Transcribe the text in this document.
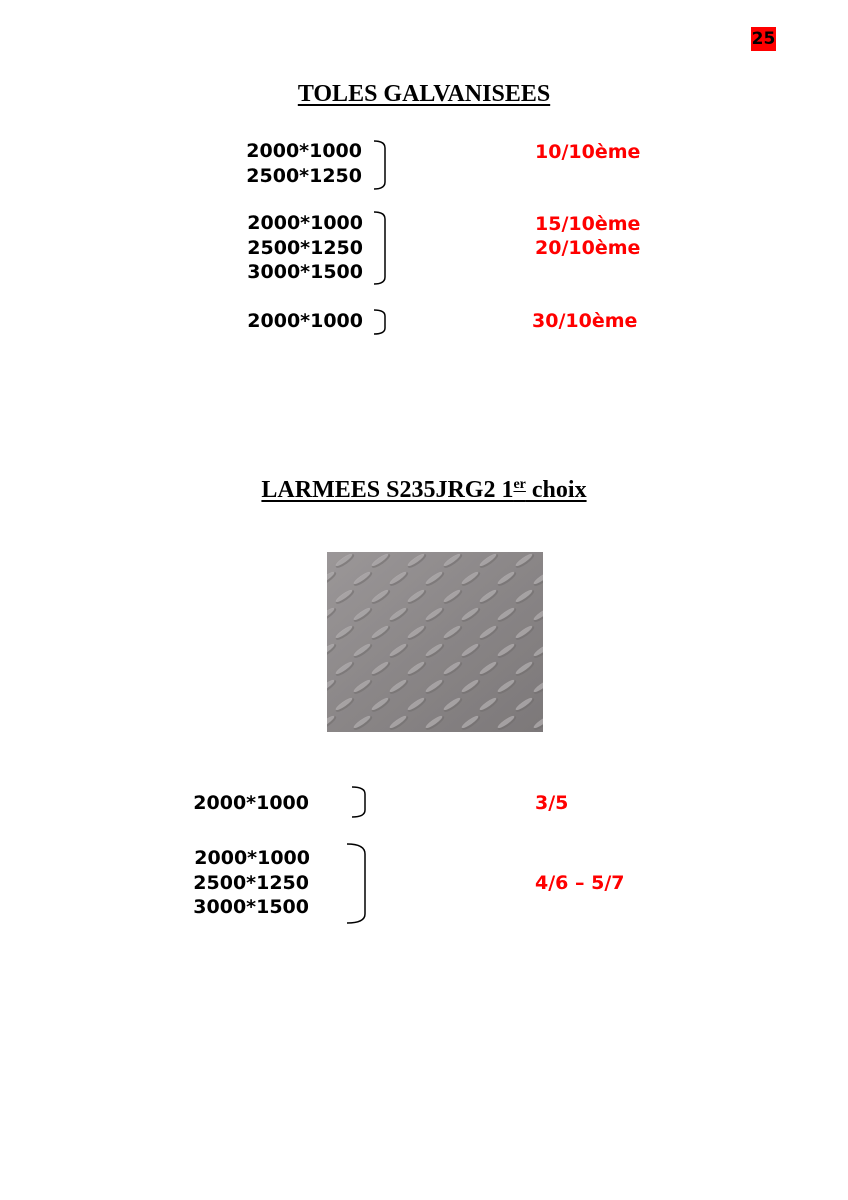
25
TOLES GALVANISEES
2000*1000
2500*1250
10/10ème
2000*1000
2500*1250
3000*1500
15/10ème
20/10ème
2000*1000	30/10ème
LARMEES S235JRG2 1er choix
2000*1000	3/5
2000*1000
2500*1250
3000*1500
4/6 – 5/7
